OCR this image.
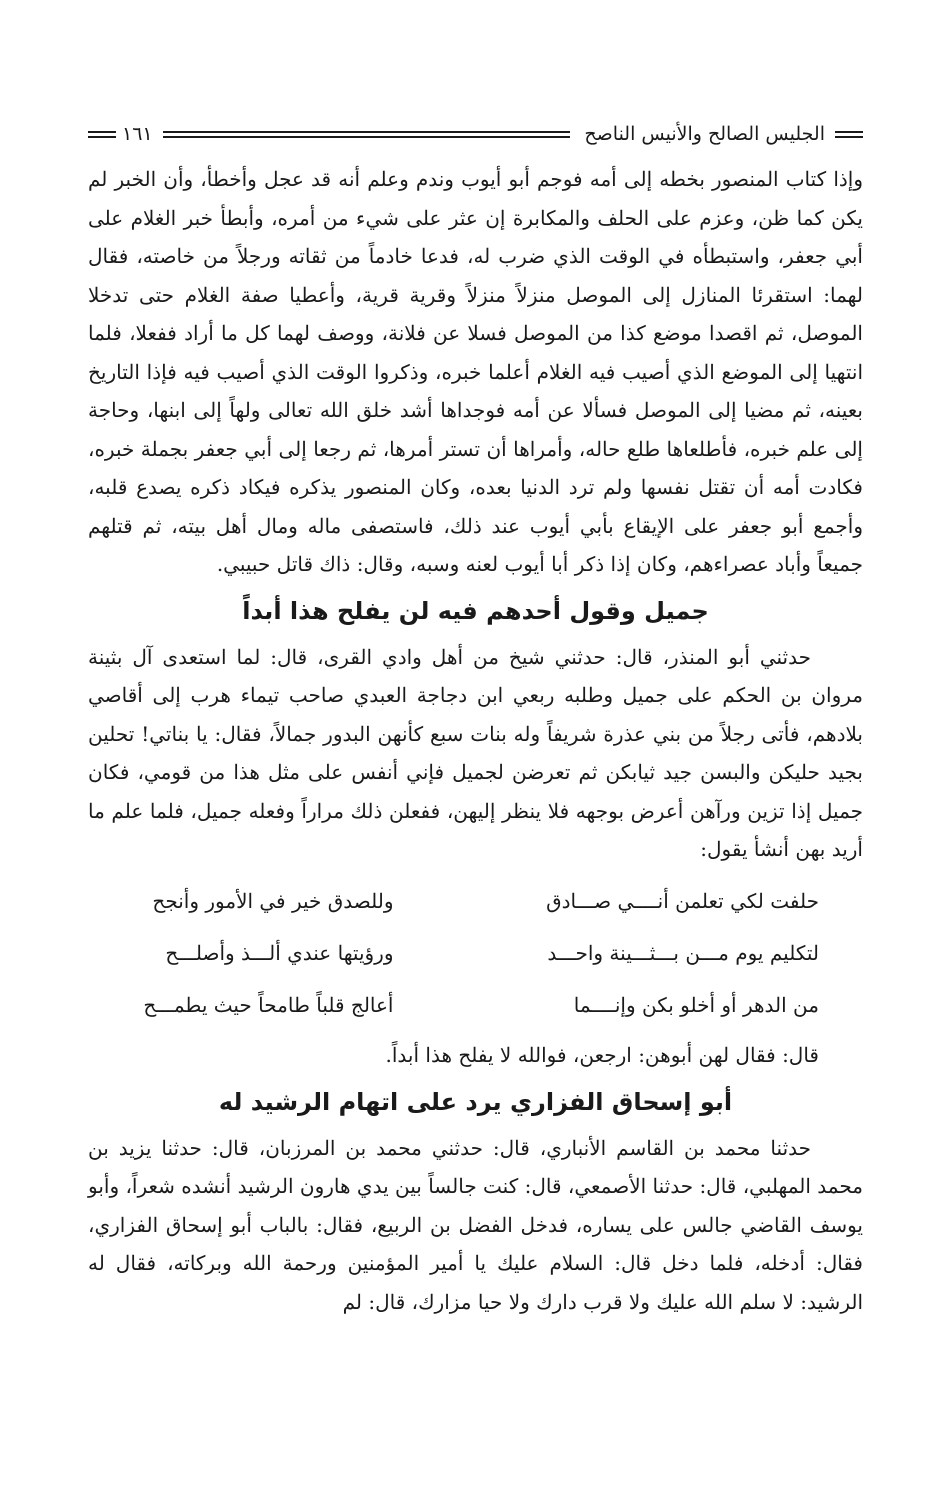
الجليس الصالح والأنيس الناصح
١٦١

وإذا كتاب المنصور بخطه إلى أمه فوجم أبو أيوب وندم وعلم أنه قد عجل وأخطأ، وأن الخبر لم يكن كما ظن، وعزم على الحلف والمكابرة إن عثر على شيء من أمره، وأبطأ خبر الغلام على أبي جعفر، واستبطأه في الوقت الذي ضرب له، فدعا خادماً من ثقاته ورجلاً من خاصته، فقال لهما: استقرئا المنازل إلى الموصل منزلاً منزلاً وقرية قرية، وأعطيا صفة الغلام حتى تدخلا الموصل، ثم اقصدا موضع كذا من الموصل فسلا عن فلانة، ووصف لهما كل ما أراد ففعلا، فلما انتهيا إلى الموضع الذي أصيب فيه الغلام أعلما خبره، وذكروا الوقت الذي أصيب فيه فإذا التاريخ بعينه، ثم مضيا إلى الموصل فسألا عن أمه فوجداها أشد خلق الله تعالى ولهاً إلى ابنها، وحاجة إلى علم خبره، فأطلعاها طلع حاله، وأمراها أن تستر أمرها، ثم رجعا إلى أبي جعفر بجملة خبره، فكادت أمه أن تقتل نفسها ولم ترد الدنيا بعده، وكان المنصور يذكره فيكاد ذكره يصدع قلبه، وأجمع أبو جعفر على الإيقاع بأبي أيوب عند ذلك، فاستصفى ماله ومال أهل بيته، ثم قتلهم جميعاً وأباد عصراءهم، وكان إذا ذكر أبا أيوب لعنه وسبه، وقال: ذاك قاتل حبيبي.

جميل وقول أحدهم فيه لن يفلح هذا أبداً

حدثني أبو المنذر، قال: حدثني شيخ من أهل وادي القرى، قال: لما استعدى آل بثينة مروان بن الحكم على جميل وطلبه ربعي ابن دجاجة العبدي صاحب تيماء هرب إلى أقاصي بلادهم، فأتى رجلاً من بني عذرة شريفاً وله بنات سبع كأنهن البدور جمالاً، فقال: يا بناتي! تحلين بجيد حليكن والبسن جيد ثيابكن ثم تعرضن لجميل فإني أنفس على مثل هذا من قومي، فكان جميل إذا تزين ورآهن أعرض بوجهه فلا ينظر إليهن، ففعلن ذلك مراراً وفعله جميل، فلما علم ما أريد بهن أنشأ يقول:

حلفت لكي تعلمن أنــــي صـــادق
وللصدق خير في الأمور وأنجح
لتكليم يوم مـــن بـــثـــينة واحـــد
ورؤيتها عندي ألـــذ وأصلـــح
من الدهر أو أخلو بكن وإنــــما
أعالج قلباً طامحاً حيث يطمـــح

قال: فقال لهن أبوهن: ارجعن، فوالله لا يفلح هذا أبداً.

أبو إسحاق الفزاري يرد على اتهام الرشيد له

حدثنا محمد بن القاسم الأنباري، قال: حدثني محمد بن المرزبان، قال: حدثنا يزيد بن محمد المهلبي، قال: حدثنا الأصمعي، قال: كنت جالساً بين يدي هارون الرشيد أنشده شعراً، وأبو يوسف القاضي جالس على يساره، فدخل الفضل بن الربيع، فقال: بالباب أبو إسحاق الفزاري، فقال: أدخله، فلما دخل قال: السلام عليك يا أمير المؤمنين ورحمة الله وبركاته، فقال له الرشيد: لا سلم الله عليك ولا قرب دارك ولا حيا مزارك، قال: لم
